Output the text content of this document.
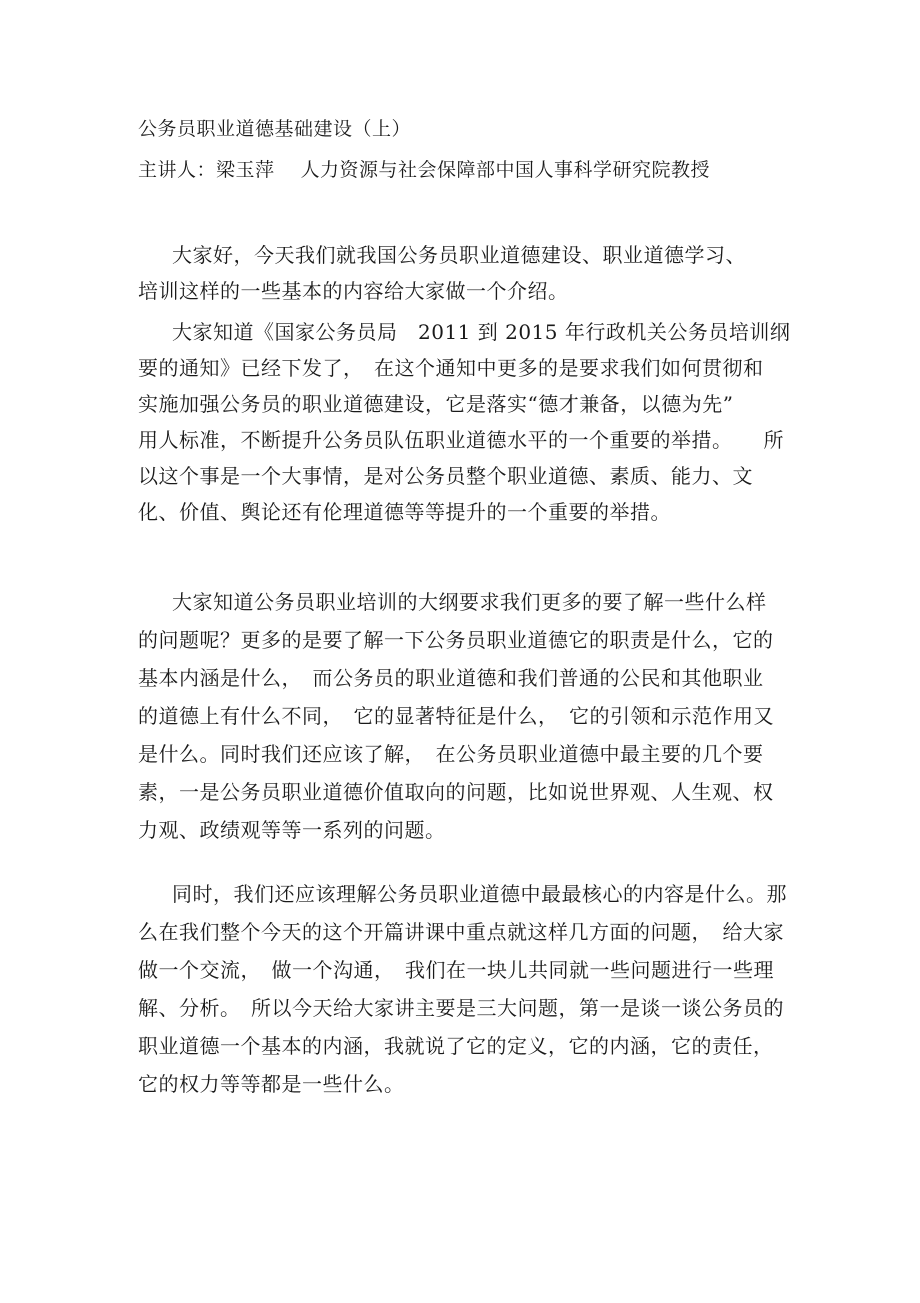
公务员职业道德基础建设（上）
主讲人：梁玉萍　 人力资源与社会保障部中国人事科学研究院教授
大家好，今天我们就我国公务员职业道德建设、职业道德学习、
培训这样的一些基本的内容给大家做一个介绍。
大家知道《国家公务员局　2011 到 2015 年行政机关公务员培训纲
要的通知》已经下发了，　在这个通知中更多的是要求我们如何贯彻和
实施加强公务员的职业道德建设，它是落实“德才兼备，以德为先”
用人标准，不断提升公务员队伍职业道德水平的一个重要的举措。　　所
以这个事是一个大事情，是对公务员整个职业道德、素质、能力、文
化、价值、舆论还有伦理道德等等提升的一个重要的举措。
大家知道公务员职业培训的大纲要求我们更多的要了解一些什么样
的问题呢？更多的是要了解一下公务员职业道德它的职责是什么，它的
基本内涵是什么，　而公务员的职业道德和我们普通的公民和其他职业
的道德上有什么不同，　它的显著特征是什么，　它的引领和示范作用又
是什么。同时我们还应该了解，　在公务员职业道德中最主要的几个要
素，一是公务员职业道德价值取向的问题，比如说世界观、人生观、权
力观、政绩观等等一系列的问题。
同时，我们还应该理解公务员职业道德中最最核心的内容是什么。那
么在我们整个今天的这个开篇讲课中重点就这样几方面的问题，　给大家
做一个交流，　做一个沟通，　我们在一块儿共同就一些问题进行一些理
解、分析。　所以今天给大家讲主要是三大问题，第一是谈一谈公务员的
职业道德一个基本的内涵，我就说了它的定义，它的内涵，它的责任，
它的权力等等都是一些什么。
